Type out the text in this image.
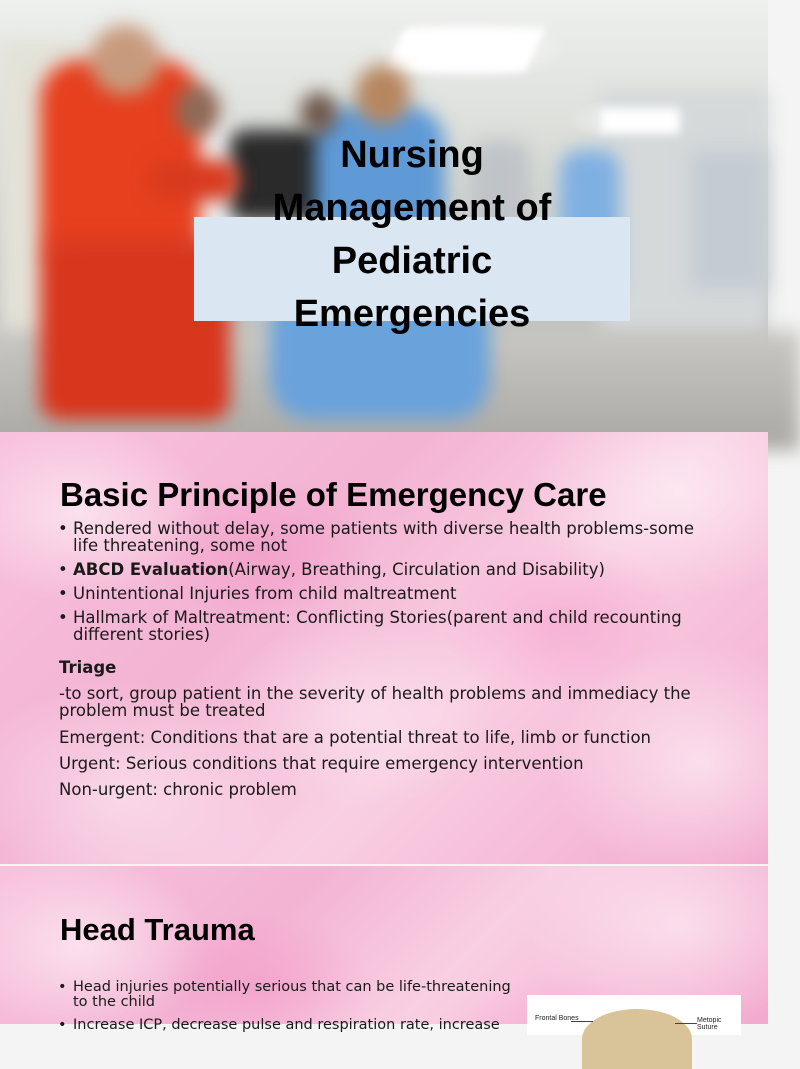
Nursing
Management of
Pediatric
Emergencies
Basic Principle of Emergency Care
• Rendered without delay, some patients with diverse health problems-some life threatening, some not
• ABCD Evaluation(Airway, Breathing, Circulation and Disability)
• Unintentional Injuries from child maltreatment
• Hallmark of Maltreatment: Conflicting Stories(parent and child recounting different stories)

Triage

-to sort, group patient in the severity of health problems and immediacy the problem must be treated

Emergent: Conditions that are a potential threat to life, limb or function

Urgent: Serious conditions that require emergency intervention

Non-urgent: chronic problem

Head Trauma
• Head injuries potentially serious that can be life-threatening to the child
• Increase ICP, decrease pulse and respiration rate, increase	Frontal Bones	Metopic Suture
